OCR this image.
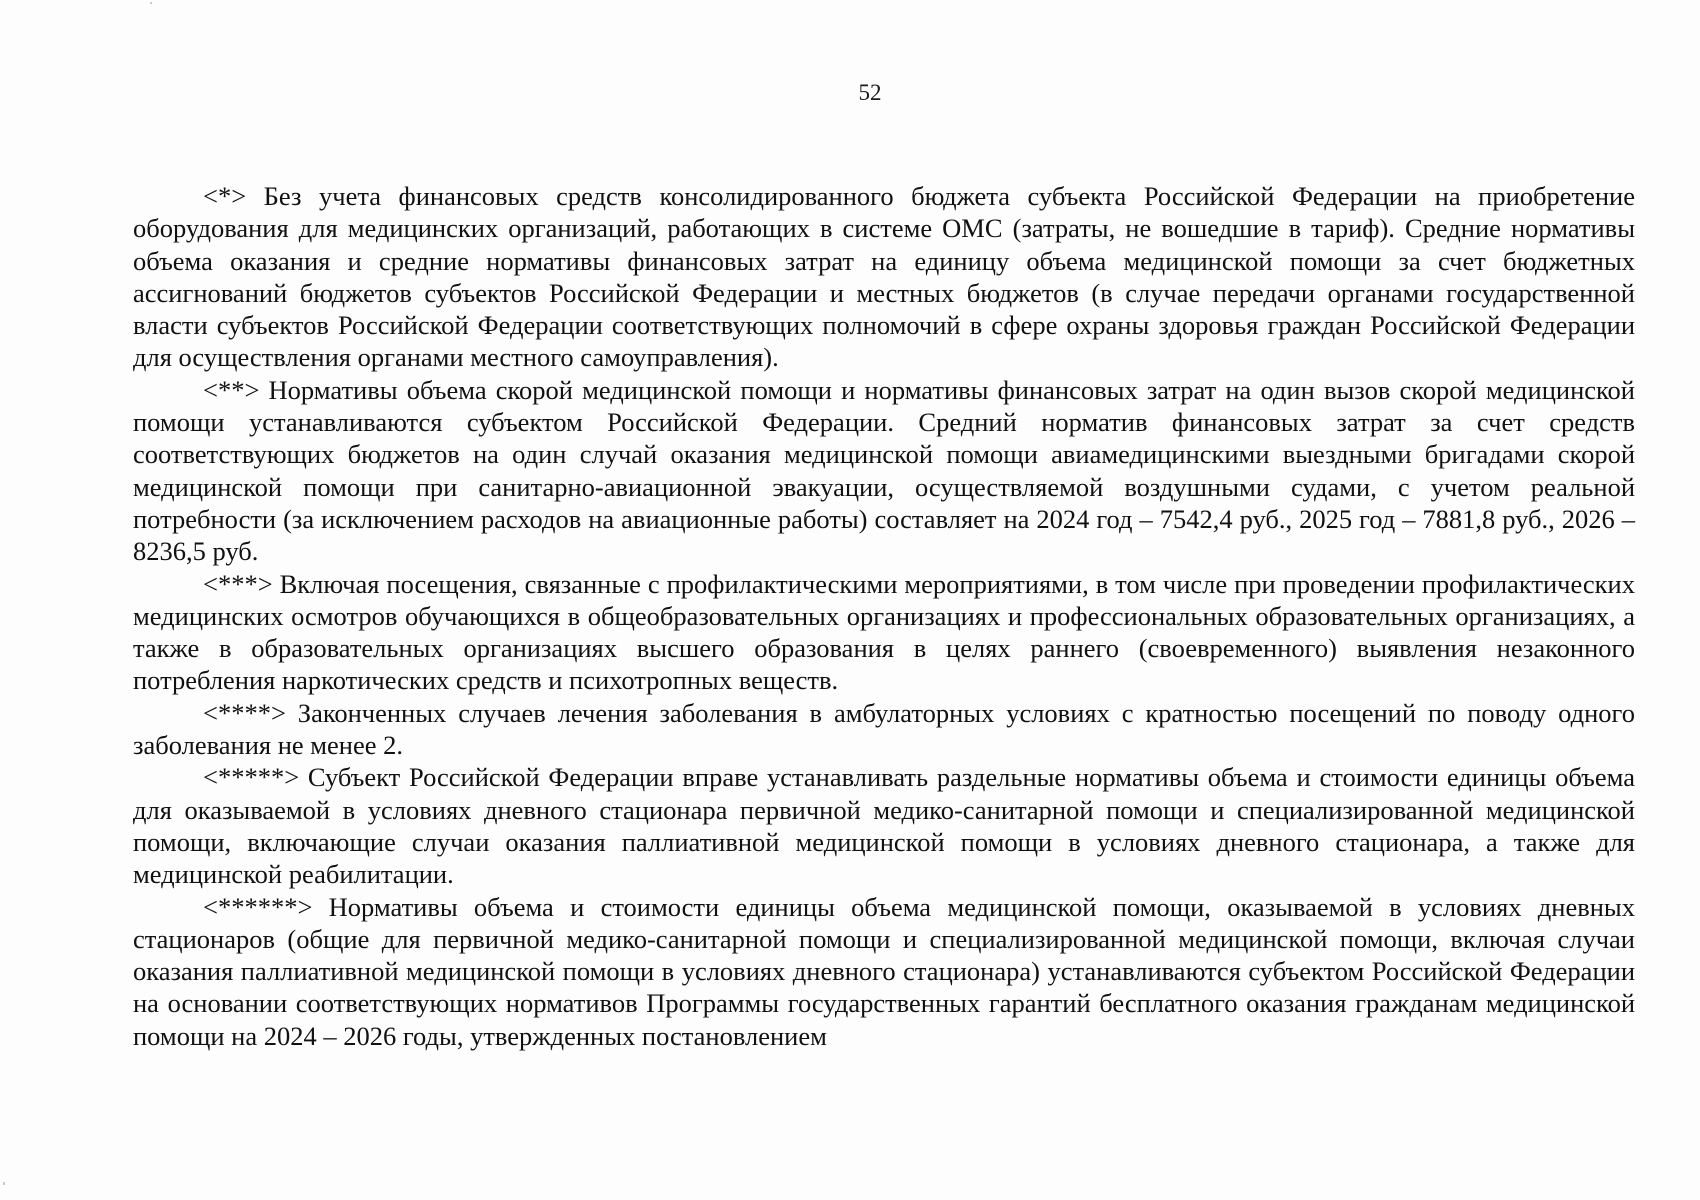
52

<*> Без учета финансовых средств консолидированного бюджета субъекта Российской Федерации на приобретение оборудования для медицинских организаций, работающих в системе ОМС (затраты, не вошедшие в тариф). Средние нормативы объема оказания и средние нормативы финансовых затрат на единицу объема медицинской помощи за счет бюджетных ассигнований бюджетов субъектов Российской Федерации и местных бюджетов (в случае передачи органами государственной власти субъектов Российской Федерации соответствующих полномочий в сфере охраны здоровья граждан Российской Федерации для осуществления органами местного самоуправления).

<**> Нормативы объема скорой медицинской помощи и нормативы финансовых затрат на один вызов скорой медицинской помощи устанавливаются субъектом Российской Федерации. Средний норматив финансовых затрат за счет средств соответствующих бюджетов на один случай оказания медицинской помощи авиамедицинскими выездными бригадами скорой медицинской помощи при санитарно-авиационной эвакуации, осуществляемой воздушными судами, с учетом реальной потребности (за исключением расходов на авиационные работы) составляет на 2024 год – 7542,4 руб., 2025 год – 7881,8 руб., 2026 – 8236,5 руб.

<***> Включая посещения, связанные с профилактическими мероприятиями, в том числе при проведении профилактических медицинских осмотров обучающихся в общеобразовательных организациях и профессиональных образовательных организациях, а также в образовательных организациях высшего образования в целях раннего (своевременного) выявления незаконного потребления наркотических средств и психотропных веществ.

<****> Законченных случаев лечения заболевания в амбулаторных условиях с кратностью посещений по поводу одного заболевания не менее 2.

<*****> Субъект Российской Федерации вправе устанавливать раздельные нормативы объема и стоимости единицы объема для оказываемой в условиях дневного стационара первичной медико-санитарной помощи и специализированной медицинской помощи, включающие случаи оказания паллиативной медицинской помощи в условиях дневного стационара, а также для медицинской реабилитации.

<******> Нормативы объема и стоимости единицы объема медицинской помощи, оказываемой в условиях дневных стационаров (общие для первичной медико-санитарной помощи и специализированной медицинской помощи, включая случаи оказания паллиативной медицинской помощи в условиях дневного стационара) устанавливаются субъектом Российской Федерации на основании соответствующих нормативов Программы государственных гарантий бесплатного оказания гражданам медицинской помощи на 2024 – 2026 годы, утвержденных постановлением
